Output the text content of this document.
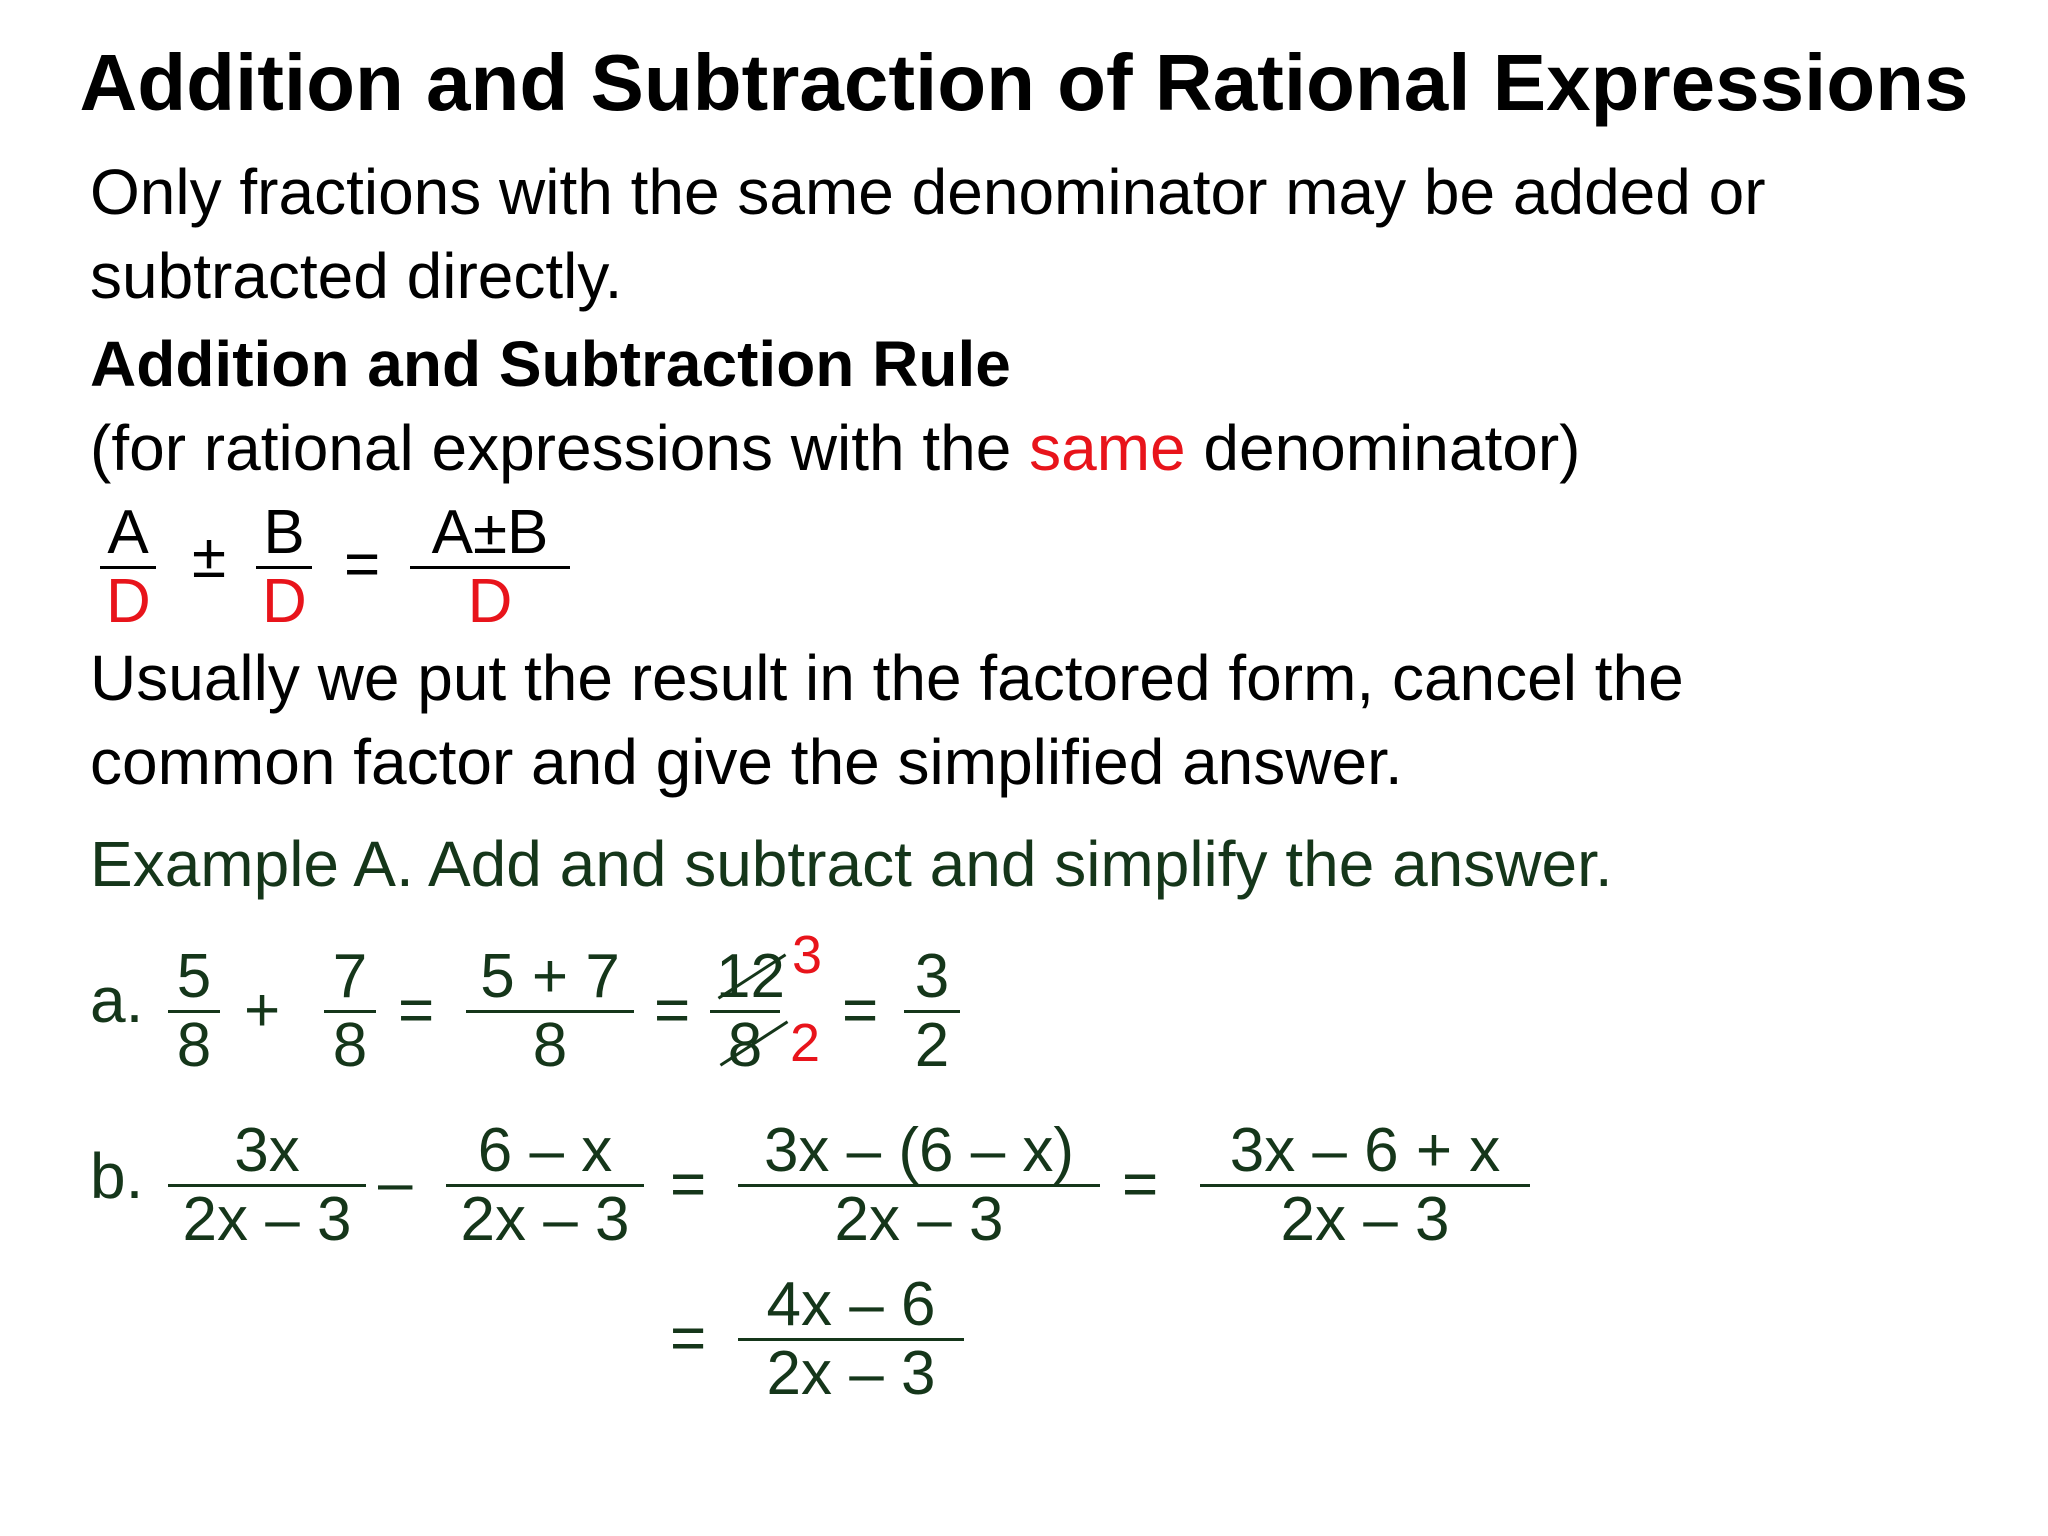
Addition and Subtraction of Rational Expressions
Only fractions with the same denominator may be added or
subtracted directly.
Addition and Subtraction Rule
(for rational expressions with the same denominator)
$\frac{A}{D} \pm \frac{B}{D} = \frac{A\pm B}{D}$
Usually we put the result in the factored form, cancel the
common factor and give the simplified answer.
Example A. Add and subtract and simplify the answer.
a. $\frac{5}{8} + \frac{7}{8} = \frac{5 + 7}{8} = \frac{12}{8} 3$
$2 = \frac{3}{2}$
b. $\frac{3x}{2x - 3} - \frac{6 - x}{2x - 3} = \frac{3x - (6 - x)}{2x - 3} = \frac{3x - 6 + x}{2x - 3}$
= $\frac{4x - 6}{2x - 3}$
